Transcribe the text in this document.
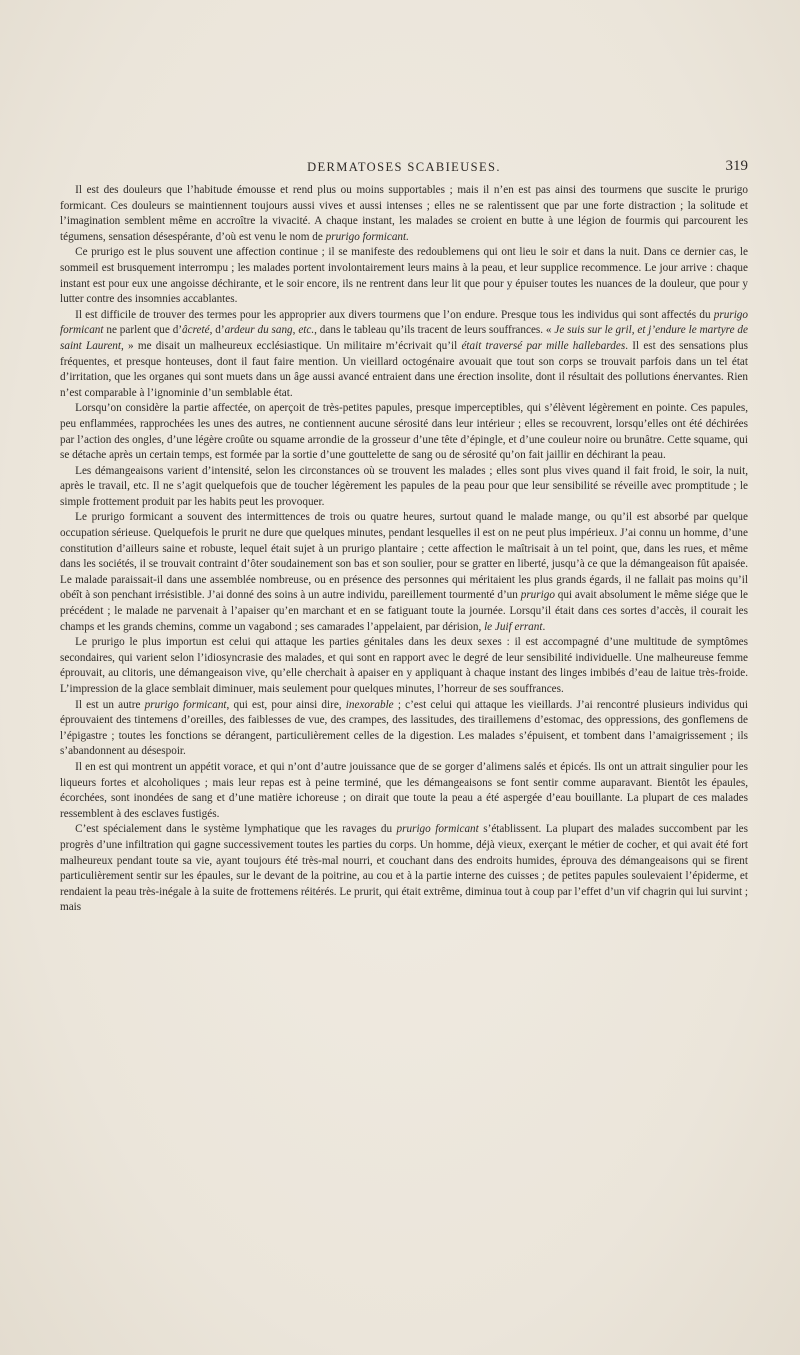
DERMATOSES SCABIEUSES.	319

Il est des douleurs que l’habitude émousse et rend plus ou moins supportables ; mais il n’en est pas ainsi des tourmens que suscite le prurigo formicant. Ces douleurs se maintiennent toujours aussi vives et aussi intenses ; elles ne se ralentissent que par une forte distraction ; la solitude et l’imagination semblent même en accroître la vivacité. A chaque instant, les malades se croient en butte à une légion de fourmis qui parcourent les tégumens, sensation désespérante, d’où est venu le nom de prurigo formicant.

Ce prurigo est le plus souvent une affection continue ; il se manifeste des redoublemens qui ont lieu le soir et dans la nuit. Dans ce dernier cas, le sommeil est brusquement interrompu ; les malades portent involontairement leurs mains à la peau, et leur supplice recommence. Le jour arrive : chaque instant est pour eux une angoisse déchirante, et le soir encore, ils ne rentrent dans leur lit que pour y épuiser toutes les nuances de la douleur, que pour y lutter contre des insomnies accablantes.

Il est difficile de trouver des termes pour les approprier aux divers tourmens que l’on endure. Presque tous les individus qui sont affectés du prurigo formicant ne parlent que d’âcreté, d’ardeur du sang, etc., dans le tableau qu’ils tracent de leurs souffrances. « Je suis sur le gril, et j’endure le martyre de saint Laurent, » me disait un malheureux ecclésiastique. Un militaire m’écrivait qu’il était traversé par mille hallebardes. Il est des sensations plus fréquentes, et presque honteuses, dont il faut faire mention. Un vieillard octogénaire avouait que tout son corps se trouvait parfois dans un tel état d’irritation, que les organes qui sont muets dans un âge aussi avancé entraient dans une érection insolite, dont il résultait des pollutions énervantes. Rien n’est comparable à l’ignominie d’un semblable état.

Lorsqu’on considère la partie affectée, on aperçoit de très-petites papules, presque imperceptibles, qui s’élèvent légèrement en pointe. Ces papules, peu enflammées, rapprochées les unes des autres, ne contiennent aucune sérosité dans leur intérieur ; elles se recouvrent, lorsqu’elles ont été déchirées par l’action des ongles, d’une légère croûte ou squame arrondie de la grosseur d’une tête d’épingle, et d’une couleur noire ou brunâtre. Cette squame, qui se détache après un certain temps, est formée par la sortie d’une gouttelette de sang ou de sérosité qu’on fait jaillir en déchirant la peau.

Les démangeaisons varient d’intensité, selon les circonstances où se trouvent les malades ; elles sont plus vives quand il fait froid, le soir, la nuit, après le travail, etc. Il ne s’agit quelquefois que de toucher légèrement les papules de la peau pour que leur sensibilité se réveille avec promptitude ; le simple frottement produit par les habits peut les provoquer.

Le prurigo formicant a souvent des intermittences de trois ou quatre heures, surtout quand le malade mange, ou qu’il est absorbé par quelque occupation sérieuse. Quelquefois le prurit ne dure que quelques minutes, pendant lesquelles il est on ne peut plus impérieux. J’ai connu un homme, d’une constitution d’ailleurs saine et robuste, lequel était sujet à un prurigo plantaire ; cette affection le maîtrisait à un tel point, que, dans les rues, et même dans les sociétés, il se trouvait contraint d’ôter soudainement son bas et son soulier, pour se gratter en liberté, jusqu’à ce que la démangeaison fût apaisée. Le malade paraissait-il dans une assemblée nombreuse, ou en présence des personnes qui méritaient les plus grands égards, il ne fallait pas moins qu’il obéît à son penchant irrésistible. J’ai donné des soins à un autre individu, pareillement tourmenté d’un prurigo qui avait absolument le même siége que le précédent ; le malade ne parvenait à l’apaiser qu’en marchant et en se fatiguant toute la journée. Lorsqu’il était dans ces sortes d’accès, il courait les champs et les grands chemins, comme un vagabond ; ses camarades l’appelaient, par dérision, le Juif errant.

Le prurigo le plus importun est celui qui attaque les parties génitales dans les deux sexes : il est accompagné d’une multitude de symptômes secondaires, qui varient selon l’idiosyncrasie des malades, et qui sont en rapport avec le degré de leur sensibilité individuelle. Une malheureuse femme éprouvait, au clitoris, une démangeaison vive, qu’elle cherchait à apaiser en y appliquant à chaque instant des linges imbibés d’eau de laitue très-froide. L’impression de la glace semblait diminuer, mais seulement pour quelques minutes, l’horreur de ses souffrances.

Il est un autre prurigo formicant, qui est, pour ainsi dire, inexorable ; c’est celui qui attaque les vieillards. J’ai rencontré plusieurs individus qui éprouvaient des tintemens d’oreilles, des faiblesses de vue, des crampes, des lassitudes, des tiraillemens d’estomac, des oppressions, des gonflemens de l’épigastre ; toutes les fonctions se dérangent, particulièrement celles de la digestion. Les malades s’épuisent, et tombent dans l’amaigrissement ; ils s’abandonnent au désespoir.

Il en est qui montrent un appétit vorace, et qui n’ont d’autre jouissance que de se gorger d’alimens salés et épicés. Ils ont un attrait singulier pour les liqueurs fortes et alcoholiques ; mais leur repas est à peine terminé, que les démangeaisons se font sentir comme auparavant. Bientôt les épaules, écorchées, sont inondées de sang et d’une matière ichoreuse ; on dirait que toute la peau a été aspergée d’eau bouillante. La plupart de ces malades ressemblent à des esclaves fustigés.

C’est spécialement dans le système lymphatique que les ravages du prurigo formicant s’établissent. La plupart des malades succombent par les progrès d’une infiltration qui gagne successivement toutes les parties du corps. Un homme, déjà vieux, exerçant le métier de cocher, et qui avait été fort malheureux pendant toute sa vie, ayant toujours été très-mal nourri, et couchant dans des endroits humides, éprouva des démangeaisons qui se firent particulièrement sentir sur les épaules, sur le devant de la poitrine, au cou et à la partie interne des cuisses ; de petites papules soulevaient l’épiderme, et rendaient la peau très-inégale à la suite de frottemens réitérés. Le prurit, qui était extrême, diminua tout à coup par l’effet d’un vif chagrin qui lui survint ; mais
